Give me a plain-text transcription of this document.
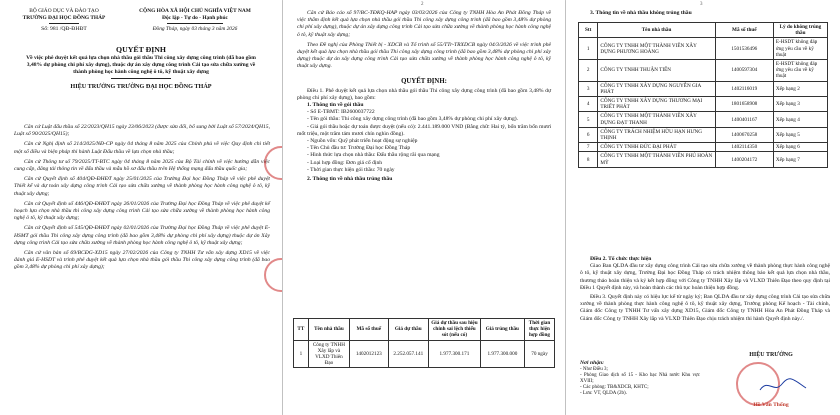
BỘ GIÁO DỤC VÀ ĐÀO TẠO

TRƯỜNG ĐẠI HỌC ĐỒNG THÁP

Số: 981 /QĐ-ĐHĐT

CỘNG HÒA XÃ HỘI CHỦ NGHĨA VIỆT NAM

Độc lập - Tự do - Hạnh phúc

Đồng Tháp, ngày 03 tháng 3 năm 2026

QUYẾT ĐỊNH

Về việc phê duyệt kết quả lựa chọn nhà thầu gói thầu Thi công xây dựng công trình (đã bao gồm 3,48% dự phòng chi phí xây dựng), thuộc dự án xây dựng công trình Cải tạo sửa chữa xưởng về thành phòng học hành công nghệ ô tô, kỹ thuật xây dựng

HIỆU TRƯỞNG TRƯỜNG ĐẠI HỌC ĐỒNG THÁP

Căn cứ Luật đấu thầu số 22/2023/QH15 ngày 23/06/2023 (được sửa đổi, bổ sung bởi Luật số 57/2024/QH15, Luật số 90/2025/QH15);

Căn cứ Nghị định số 214/2025/NĐ-CP ngày 04 tháng 8 năm 2025 của Chính phủ về việc Quy định chi tiết một số điều và biện pháp thi hành Luật Đấu thầu về lựa chọn nhà thầu;

Căn cứ Thông tư số 79/2025/TT-BTC ngày 04 tháng 8 năm 2025 của Bộ Tài chính về việc hướng dẫn việc cung cấp, đăng tải thông tin về đấu thầu và mẫu hồ sơ đấu thầu trên Hệ thống mạng đấu thầu quốc gia;

Căn cứ Quyết định số 404/QĐ-ĐHĐT ngày 25/01/2025 của Trường Đại học Đồng Tháp về việc phê duyệt Thiết kế và dự toán xây dựng công trình Cải tạo sửa chữa xưởng về thành phòng học hành công nghệ ô tô, kỹ thuật xây dựng;

Căn cứ Quyết định số 446/QĐ-ĐHĐT ngày 26/01/2026 của Trường Đại học Đồng Tháp về việc phê duyệt kế hoạch lựa chọn nhà thầu thi công xây dựng công trình Cải tạo sửa chữa xưởng về thành phòng học hành công nghệ ô tô, kỹ thuật xây dựng;

Căn cứ Quyết định số 545/QĐ-ĐHĐT ngày 02/01/2026 của Trường Đại học Đồng Tháp về việc phê duyệt E-HSMT gói thầu Thi công xây dựng công trình (đã bao gồm 3,48% dự phòng chi phí xây dựng) thuộc dự án Xây dựng công trình Cải tạo sửa chữa xưởng về thành phòng học hành công nghệ ô tô, kỹ thuật xây dựng;

Căn cứ văn bản số 69/BCĐG-XD15 ngày 27/02/2026 của Công ty TNHH Tư vấn xây dựng XD15 về việc đánh giá E-HSDT và trình phê duyệt kết quả lựa chọn nhà thầu gói thầu Thi công xây dựng công trình (đã bao gồm 3,48% dự phòng chi phí xây dựng);

2

Căn cứ Báo cáo số 97/BC-TĐKQ-HAP ngày 03/03/2026 của Công ty TNHH Hòa An Phát Đồng Tháp về việc thẩm định kết quả lựa chọn nhà thầu gói thầu Thi công xây dựng công trình (đã bao gồm 3,48% dự phòng chi phí xây dựng), thuộc dự án xây dựng công trình Cải tạo sửa chữa xưởng về thành phòng học hành công nghệ ô tô, kỹ thuật xây dựng;

Theo Đề nghị của Phòng Thiết bị - XDCB và Tổ trình số 55/TTr-TRXDCB ngày 04/3/2026 về việc trình phê duyệt kết quả lựa chọn nhà thầu gói thầu Thi công xây dựng công trình (đã bao gồm 3,48% dự phòng chi phí xây dựng) thuộc dự án xây dựng công trình Cải tạo sửa chữa xưởng về thành phòng học hành công nghệ ô tô, kỹ thuật xây dựng.

QUYẾT ĐỊNH:

Điều 1. Phê duyệt kết quả lựa chọn nhà thầu gói thầu Thi công xây dựng công trình (đã bao gồm 3,48% dự phòng chi phí xây dựng), bao gồm:

1. Thông tin về gói thầu

- Số E-TBMT: IB2600037722

- Tên gói thầu: Thi công xây dựng công trình (đã bao gồm 3,48% dự phòng chi phí xây dựng).

- Giá gói thầu hoặc dự toán được duyệt (nếu có): 2.441.189.000 VND (Bằng chữ: Hai tỷ, bốn trăm bốn mươi mốt triệu, một trăm tám mươi chín nghìn đồng).

- Nguồn vốn: Quỹ phát triển hoạt động sự nghiệp

- Tên Chủ đầu tư: Trường Đại học Đồng Tháp

- Hình thức lựa chọn nhà thầu: Đấu thầu rộng rãi qua mạng

- Loại hợp đồng: Đơn giá cố định

- Thời gian thực hiện gói thầu: 70 ngày

2. Thông tin về nhà thầu trúng thầu

TT	Tên nhà thầu	Mã số thuế	Giá dự thầu	Giá dự thầu sau hiệu chỉnh sai lệch thiếu sót (nếu có)	Giá trúng thầu	Thời gian thực hiện hợp đồng
1	Công ty TNHH Xây lắp và VLXD Thiên Đạo	1402012123	2.252.057.141	1.977.300.171	1.977.300.000	70 ngày
3

3. Thông tin về nhà thầu không trúng thầu

Stt	Tên nhà thầu	Mã số thuế	Lý do không trúng thầu
1	CÔNG TY TNHH MỘT THÀNH VIÊN XÂY DỰNG PHƯƠNG HOÀNG	1501536496	E-HSDT không đáp ứng yêu cầu về kỹ thuật
2	CÔNG TY TNHH THUẬN TIẾN	1400597304	E-HSDT không đáp ứng yêu cầu về kỹ thuật
3	CÔNG TY TNHH XÂY DỰNG NGUYỄN GIA PHÁT	1402116019	Xếp hạng 2
4	CÔNG TY TNHH XÂY DỰNG THƯƠNG MẠI TRIẾT PHÁT	1801658908	Xếp hạng 3
5	CÔNG TY TNHH MỘT THÀNH VIÊN XÂY DỰNG ĐẠT THANH	1400401167	Xếp hạng 4
6	CÔNG TY TRÁCH NHIỆM HỮU HẠN HƯNG THỊNH	1400670258	Xếp hạng 5
7	CÔNG TY TNHH ĐỨC ĐẠI PHÁT	1402114350	Xếp hạng 6
8	CÔNG TY TNHH MỘT THÀNH VIÊN PHÚ HOÀN MỸ	1400204172	Xếp hạng 7

Điều 2. Tổ chức thực hiện

Giao Ban QLDA đầu tư xây dựng công trình Cải tạo sửa chữa xưởng về thành phòng thực hành công nghệ ô tô, kỹ thuật xây dựng, Trường Đại học Đồng Tháp có trách nhiệm thông báo kết quả lựa chọn nhà thầu, thương thảo hoàn thiện và ký kết hợp đồng với Công ty TNHH Xây lắp và VLXD Thiên Đạo theo quy định tại Điều 1 Quyết định này, và hoàn thành các thủ tục hoàn thiện hợp đồng.

Điều 3. Quyết định này có hiệu lực kể từ ngày ký; Ban QLDA đầu tư xây dựng công trình Cải tạo sửa chữa xưởng về thành phòng thực hành công nghệ ô tô, kỹ thuật xây dựng, Trưởng phòng Kế hoạch - Tài chính, Giám đốc Công ty TNHH Tư vấn xây dựng XD15, Giám đốc Công ty TNHH Hòa An Phát Đồng Tháp và Giám đốc Công ty TNHH Xây lắp và VLXD Thiên Đạo chịu trách nhiệm thi hành Quyết định này./.

Nơi nhận:

- Như Điều 3;

- Phòng Giao dịch số 15 - Kho bạc Nhà nước Khu vực XVIII;

- Các phòng: TB&XDCB, KHTC;

- Lưu: VT, QLDA (2b).

HIỆU TRƯỞNG

Hồ Văn Thống
